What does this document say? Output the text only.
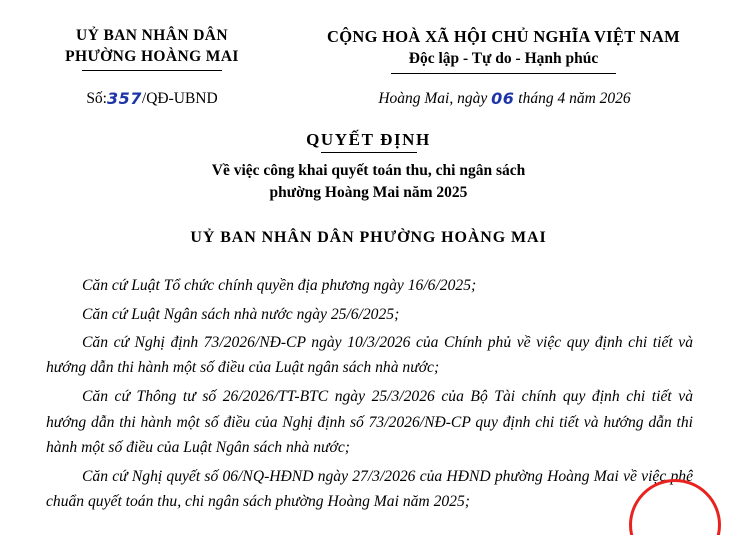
UỶ BAN NHÂN DÂN
PHƯỜNG HOÀNG MAI
CỘNG HOÀ XÃ HỘI CHỦ NGHĨA VIỆT NAM
Độc lập - Tự do - Hạnh phúc
Số:357/QĐ-UBND	Hoàng Mai, ngày 06 tháng 4 năm 2026
QUYẾT ĐỊNH
Về việc công khai quyết toán thu, chi ngân sách
phường Hoàng Mai năm 2025
UỶ BAN NHÂN DÂN PHƯỜNG HOÀNG MAI
Căn cứ Luật Tổ chức chính quyền địa phương ngày 16/6/2025;
Căn cứ Luật Ngân sách nhà nước ngày 25/6/2025;
Căn cứ Nghị định 73/2026/NĐ-CP ngày 10/3/2026 của Chính phủ về việc quy định chi tiết và hướng dẫn thi hành một số điều của Luật ngân sách nhà nước;
Căn cứ Thông tư số 26/2026/TT-BTC ngày 25/3/2026 của Bộ Tài chính quy định chi tiết và hướng dẫn thi hành một số điều của Nghị định số 73/2026/NĐ-CP quy định chi tiết và hướng dẫn thi hành một số điều của Luật Ngân sách nhà nước;
Căn cứ Nghị quyết số 06/NQ-HĐND ngày 27/3/2026 của HĐND phường Hoàng Mai về việc phê chuẩn quyết toán thu, chi ngân sách phường Hoàng Mai năm 2025;
